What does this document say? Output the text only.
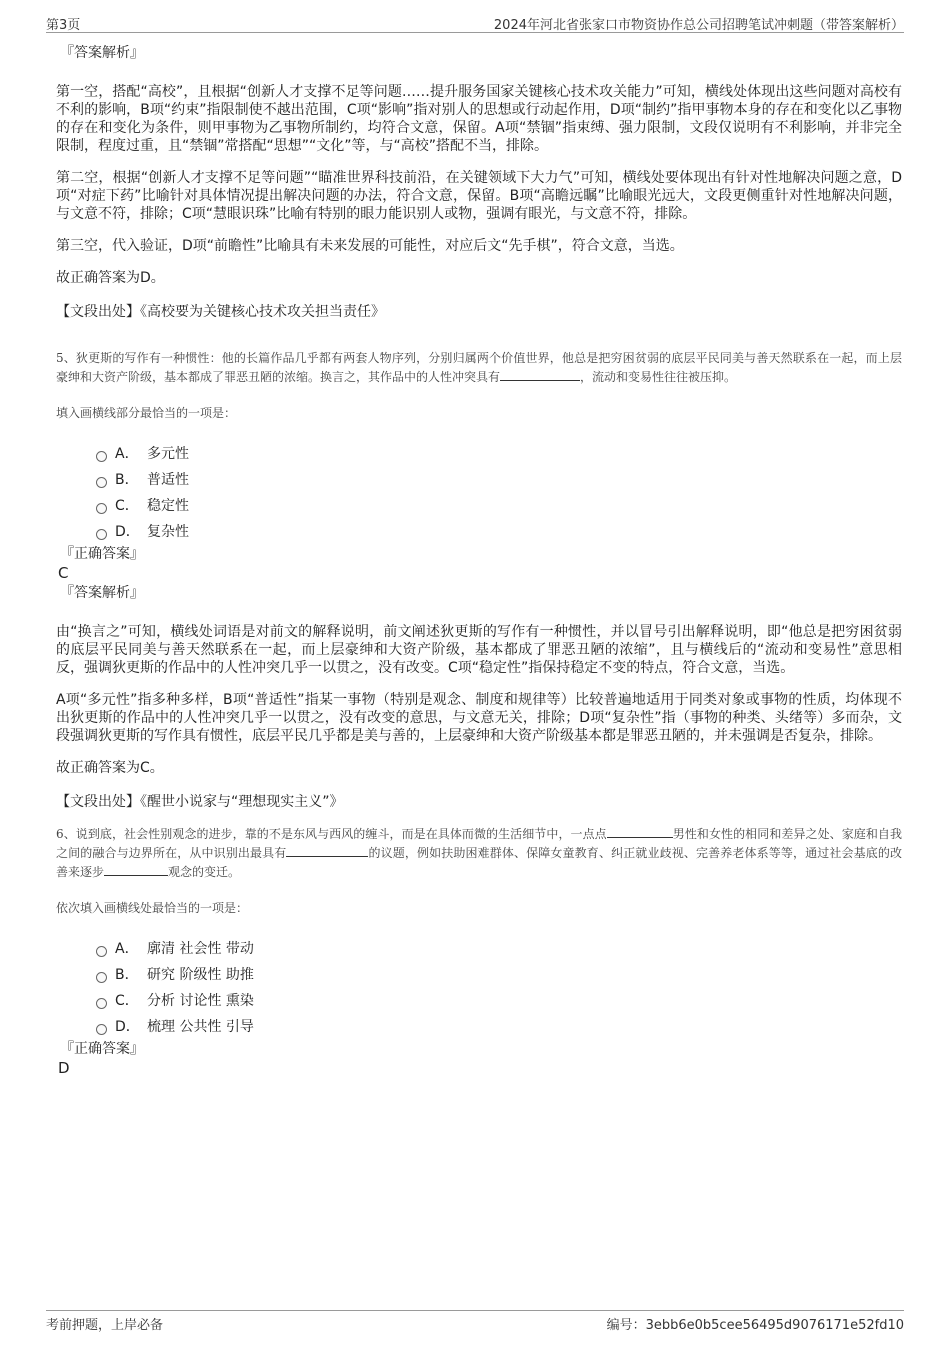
第3页	2024年河北省张家口市物资协作总公司招聘笔试冲刺题（带答案解析）

『答案解析』

第一空，搭配“高校”，且根据“创新人才支撑不足等问题……提升服务国家关键核心技术攻关能力”可知，横线处体现出这些问题对高校有不利的影响，B项“约束”指限制使不越出范围，C项“影响”指对别人的思想或行动起作用，D项“制约”指甲事物本身的存在和变化以乙事物的存在和变化为条件，则甲事物为乙事物所制约，均符合文意，保留。A项“禁锢”指束缚、强力限制，文段仅说明有不利影响，并非完全限制，程度过重，且“禁锢”常搭配“思想”“文化”等，与“高校”搭配不当，排除。

第二空，根据“创新人才支撑不足等问题”“瞄准世界科技前沿，在关键领域下大力气”可知，横线处要体现出有针对性地解决问题之意，D项“对症下药”比喻针对具体情况提出解决问题的办法，符合文意，保留。B项“高瞻远瞩”比喻眼光远大，文段更侧重针对性地解决问题，与文意不符，排除；C项“慧眼识珠”比喻有特别的眼力能识别人或物，强调有眼光，与文意不符，排除。

第三空，代入验证，D项“前瞻性”比喻具有未来发展的可能性，对应后文“先手棋”，符合文意，当选。

故正确答案为D。

【文段出处】《高校要为关键核心技术攻关担当责任》

5、狄更斯的写作有一种惯性：他的长篇作品几乎都有两套人物序列，分别归属两个价值世界，他总是把穷困贫弱的底层平民同美与善天然联系在一起，而上层豪绅和大资产阶级，基本都成了罪恶丑陋的浓缩。换言之，其作品中的人性冲突具有	，流动和变易性往往被压抑。

填入画横线部分最恰当的一项是：

A． 多元性
B． 普适性
C． 稳定性
D． 复杂性

『正确答案』

C

『答案解析』

由“换言之”可知，横线处词语是对前文的解释说明，前文阐述狄更斯的写作有一种惯性，并以冒号引出解释说明，即“他总是把穷困贫弱的底层平民同美与善天然联系在一起，而上层豪绅和大资产阶级，基本都成了罪恶丑陋的浓缩”，且与横线后的“流动和变易性”意思相反，强调狄更斯的作品中的人性冲突几乎一以贯之，没有改变。C项“稳定性”指保持稳定不变的特点，符合文意，当选。

A项“多元性”指多种多样，B项“普适性”指某一事物（特别是观念、制度和规律等）比较普遍地适用于同类对象或事物的性质，均体现不出狄更斯的作品中的人性冲突几乎一以贯之，没有改变的意思，与文意无关，排除；D项“复杂性”指（事物的种类、头绪等）多而杂，文段强调狄更斯的写作具有惯性，底层平民几乎都是美与善的，上层豪绅和大资产阶级基本都是罪恶丑陋的，并未强调是否复杂，排除。

故正确答案为C。

【文段出处】《醒世小说家与“理想现实主义”》

6、说到底，社会性别观念的进步，靠的不是东风与西风的缠斗，而是在具体而微的生活细节中，一点点	男性和女性的相同和差异之处、家庭和自我之间的融合与边界所在，从中识别出最具有	的议题，例如扶助困难群体、保障女童教育、纠正就业歧视、完善养老体系等等，通过社会基底的改善来逐步	观念的变迁。

依次填入画横线处最恰当的一项是：

A． 廓清 社会性 带动
B． 研究 阶级性 助推
C． 分析 讨论性 熏染
D． 梳理 公共性 引导

『正确答案』

D

考前押题，上岸必备	编号：3ebb6e0b5cee56495d9076171e52fd10
